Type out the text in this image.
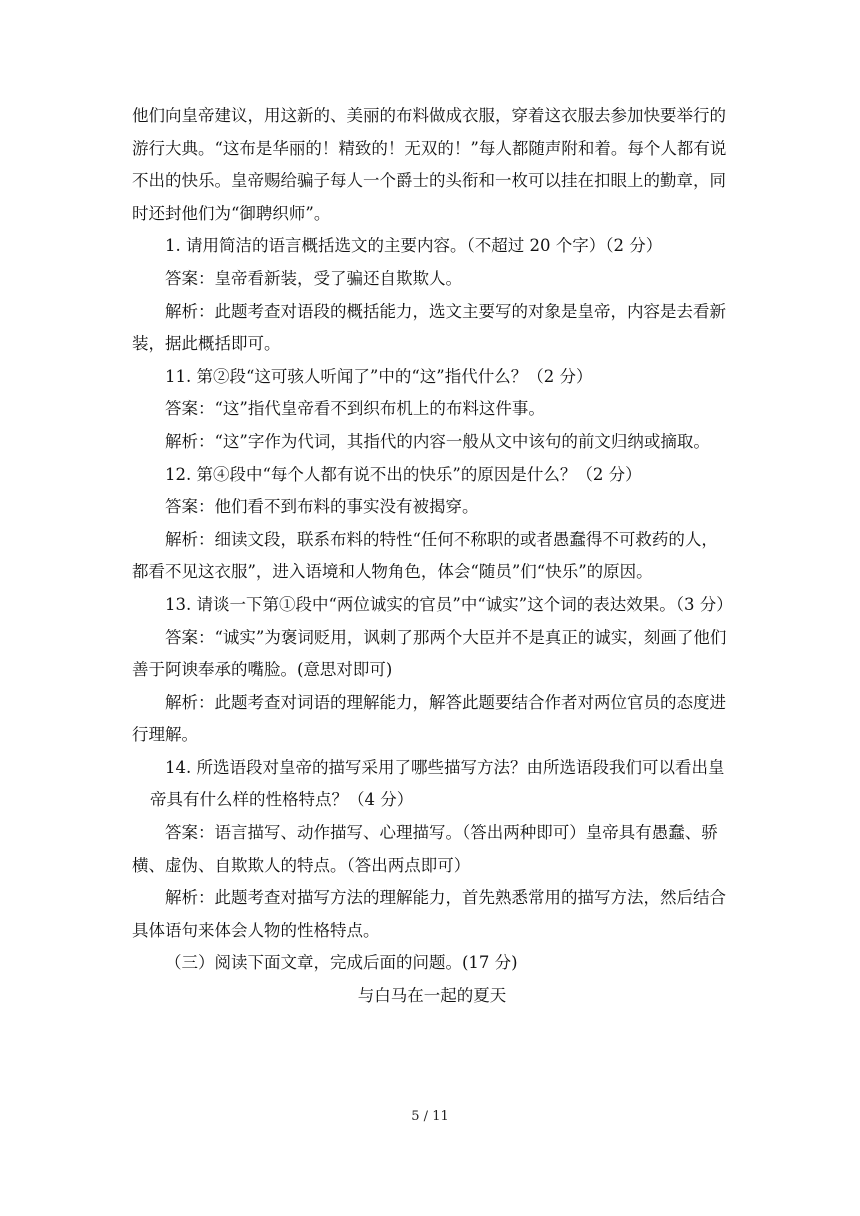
他们向皇帝建议，用这新的、美丽的布料做成衣服，穿着这衣服去参加快要举行的游行大典。“这布是华丽的！精致的！无双的！”每人都随声附和着。每个人都有说不出的快乐。皇帝赐给骗子每人一个爵士的头衔和一枚可以挂在扣眼上的勤章，同时还封他们为“御聘织师”。

1. 请用简洁的语言概括选文的主要内容。（不超过 20 个字）（2 分）

答案：皇帝看新装，受了骗还自欺欺人。

解析：此题考查对语段的概括能力，选文主要写的对象是皇帝，内容是去看新装，据此概括即可。

11. 第②段“这可骇人听闻了”中的“这”指代什么？（2 分）

答案：“这”指代皇帝看不到织布机上的布料这件事。

解析：“这”字作为代词，其指代的内容一般从文中该句的前文归纳或摘取。

12. 第④段中“每个人都有说不出的快乐”的原因是什么？（2 分）

答案：他们看不到布料的事实没有被揭穿。

解析：细读文段，联系布料的特性“任何不称职的或者愚蠢得不可救药的人，都看不见这衣服”，进入语境和人物角色，体会“随员”们“快乐”的原因。

13. 请谈一下第①段中“两位诚实的官员”中“诚实”这个词的表达效果。（3 分）

答案：“诚实”为褒词贬用，讽刺了那两个大臣并不是真正的诚实，刻画了他们善于阿谀奉承的嘴脸。(意思对即可)

解析：此题考查对词语的理解能力，解答此题要结合作者对两位官员的态度进行理解。

14. 所选语段对皇帝的描写采用了哪些描写方法？由所选语段我们可以看出皇帝具有什么样的性格特点？（4 分）

答案：语言描写、动作描写、心理描写。（答出两种即可）皇帝具有愚蠢、骄横、虚伪、自欺欺人的特点。（答出两点即可）

解析：此题考查对描写方法的理解能力，首先熟悉常用的描写方法，然后结合具体语句来体会人物的性格特点。

（三）阅读下面文章，完成后面的问题。(17 分)

与白马在一起的夏天

5 / 11
